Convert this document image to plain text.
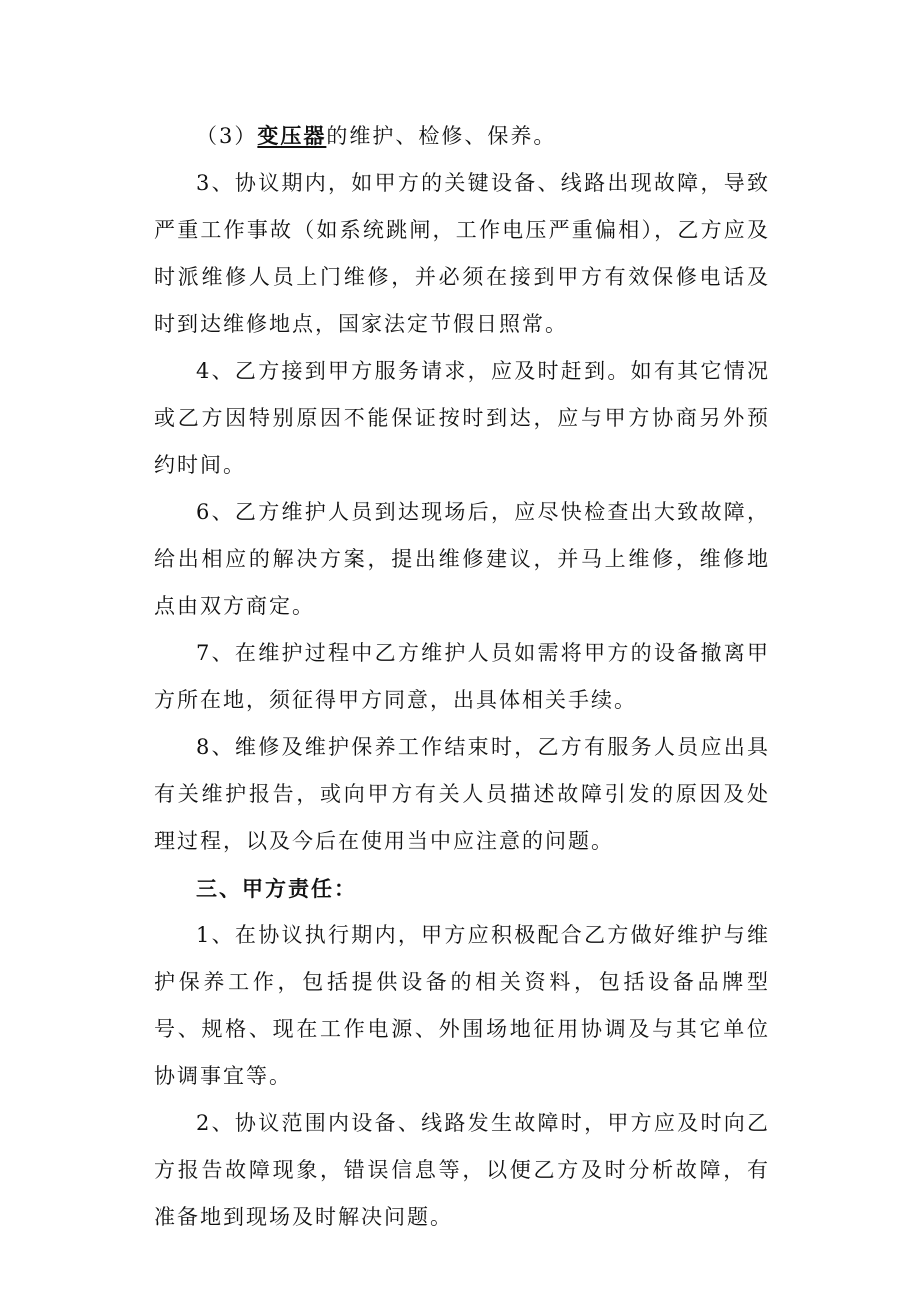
（3）变压器的维护、检修、保养。

3、协议期内，如甲方的关键设备、线路出现故障，导致严重工作事故（如系统跳闸，工作电压严重偏相），乙方应及时派维修人员上门维修，并必须在接到甲方有效保修电话及时到达维修地点，国家法定节假日照常。

4、乙方接到甲方服务请求，应及时赶到。如有其它情况或乙方因特别原因不能保证按时到达，应与甲方协商另外预约时间。

6、乙方维护人员到达现场后，应尽快检查出大致故障，给出相应的解决方案，提出维修建议，并马上维修，维修地点由双方商定。

7、在维护过程中乙方维护人员如需将甲方的设备撤离甲方所在地，须征得甲方同意，出具体相关手续。

8、维修及维护保养工作结束时，乙方有服务人员应出具有关维护报告，或向甲方有关人员描述故障引发的原因及处理过程，以及今后在使用当中应注意的问题。

三、甲方责任：

1、在协议执行期内，甲方应积极配合乙方做好维护与维护保养工作，包括提供设备的相关资料，包括设备品牌型号、规格、现在工作电源、外围场地征用协调及与其它单位协调事宜等。

2、协议范围内设备、线路发生故障时，甲方应及时向乙方报告故障现象，错误信息等，以便乙方及时分析故障，有准备地到现场及时解决问题。
